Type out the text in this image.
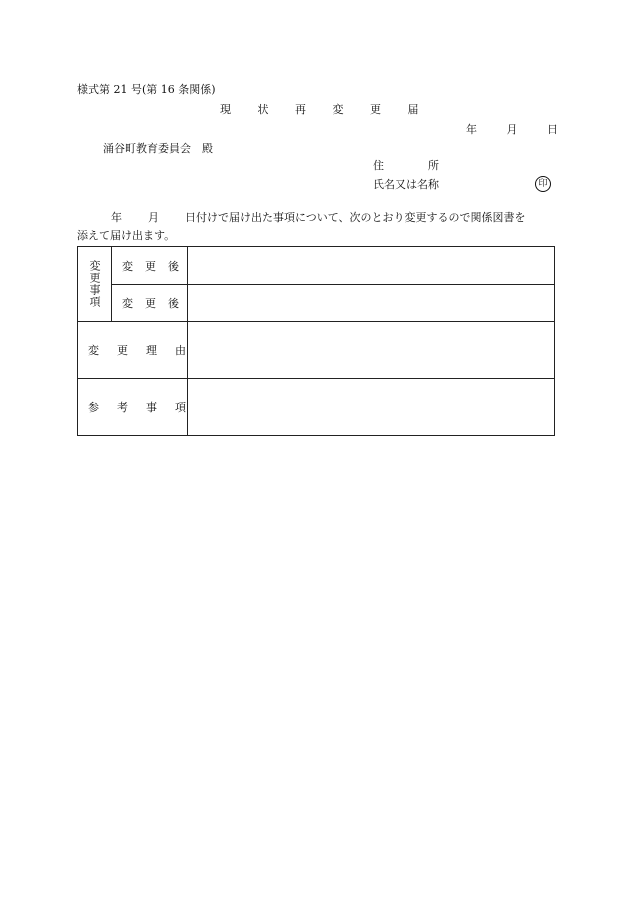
様式第 21 号(第 16 条関係)
現 状 再 変 更 届
年	月	日
涌谷町教育委員会　殿
住　　　　所
氏名又は名称	印
年 月 日付けで届け出た事項について、次のとおり変更するので関係図書を
添えて届け出ます。
変更事項	変更後	
	変更後	
変更理由		
参考事項		
